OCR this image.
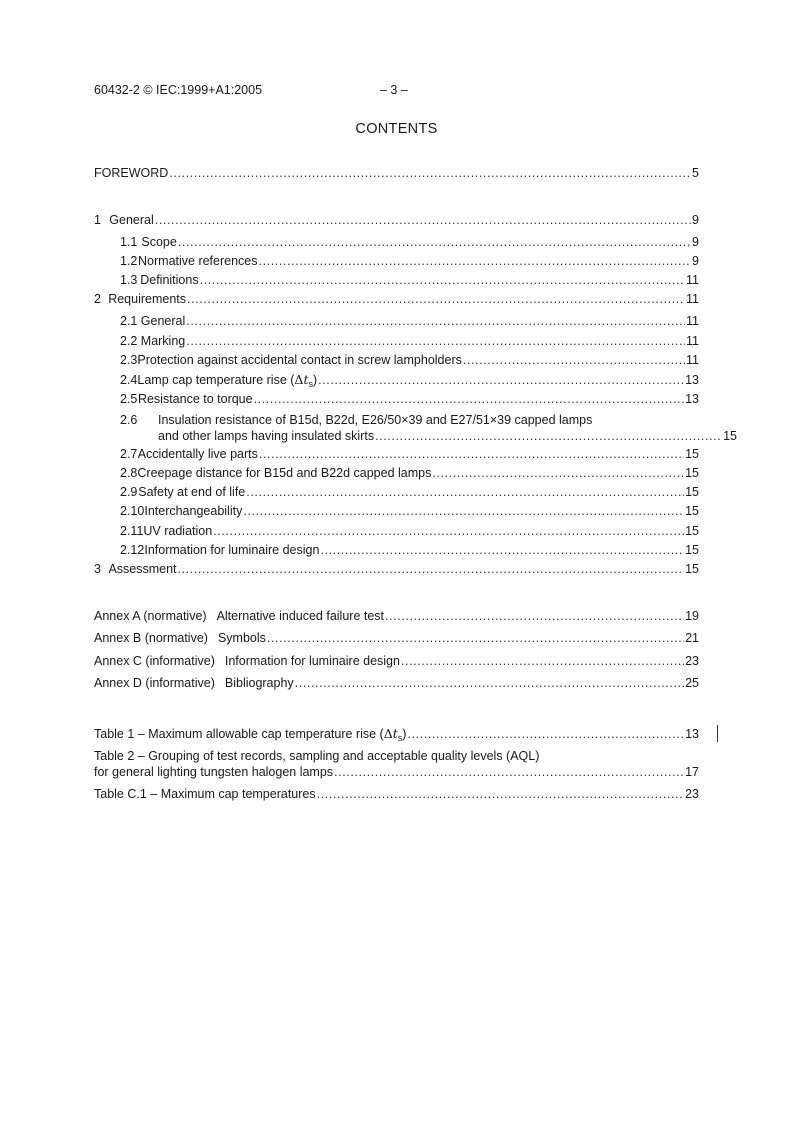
60432-2 © IEC:1999+A1:2005	– 3 –
CONTENTS
FOREWORD .....	5
1 General .....	9
1.1 Scope .....	9
1.2 Normative references .....	9
1.3 Definitions .....	11
2 Requirements .....	11
2.1 General .....	11
2.2 Marking .....	11
2.3 Protection against accidental contact in screw lampholders .....	11
2.4 Lamp cap temperature rise $(\Delta t_s)$ .....	13
2.5 Resistance to torque .....	13
2.6	Insulation resistance of B15d, B22d, E26/50×39 and E27/51×39 capped lamps
and other lamps having insulated skirts .....	15
2.7 Accidentally live parts .....	15
2.8 Creepage distance for B15d and B22d capped lamps .....	15
2.9 Safety at end of life .....	15
2.10 Interchangeability .....	15
2.11 UV radiation .....	15
2.12 Information for luminaire design .....	15
3 Assessment .....	15
Annex A (normative) Alternative induced failure test .....	19
Annex B (normative) Symbols .....	21
Annex C (informative) Information for luminaire design .....	23
Annex D (informative) Bibliography .....	25
Table 1 – Maximum allowable cap temperature rise $(\Delta t_s)$ .....	13
Table 2 – Grouping of test records, sampling and acceptable quality levels (AQL)
for general lighting tungsten halogen lamps .....	17
Table C.1 – Maximum cap temperatures .....	23
